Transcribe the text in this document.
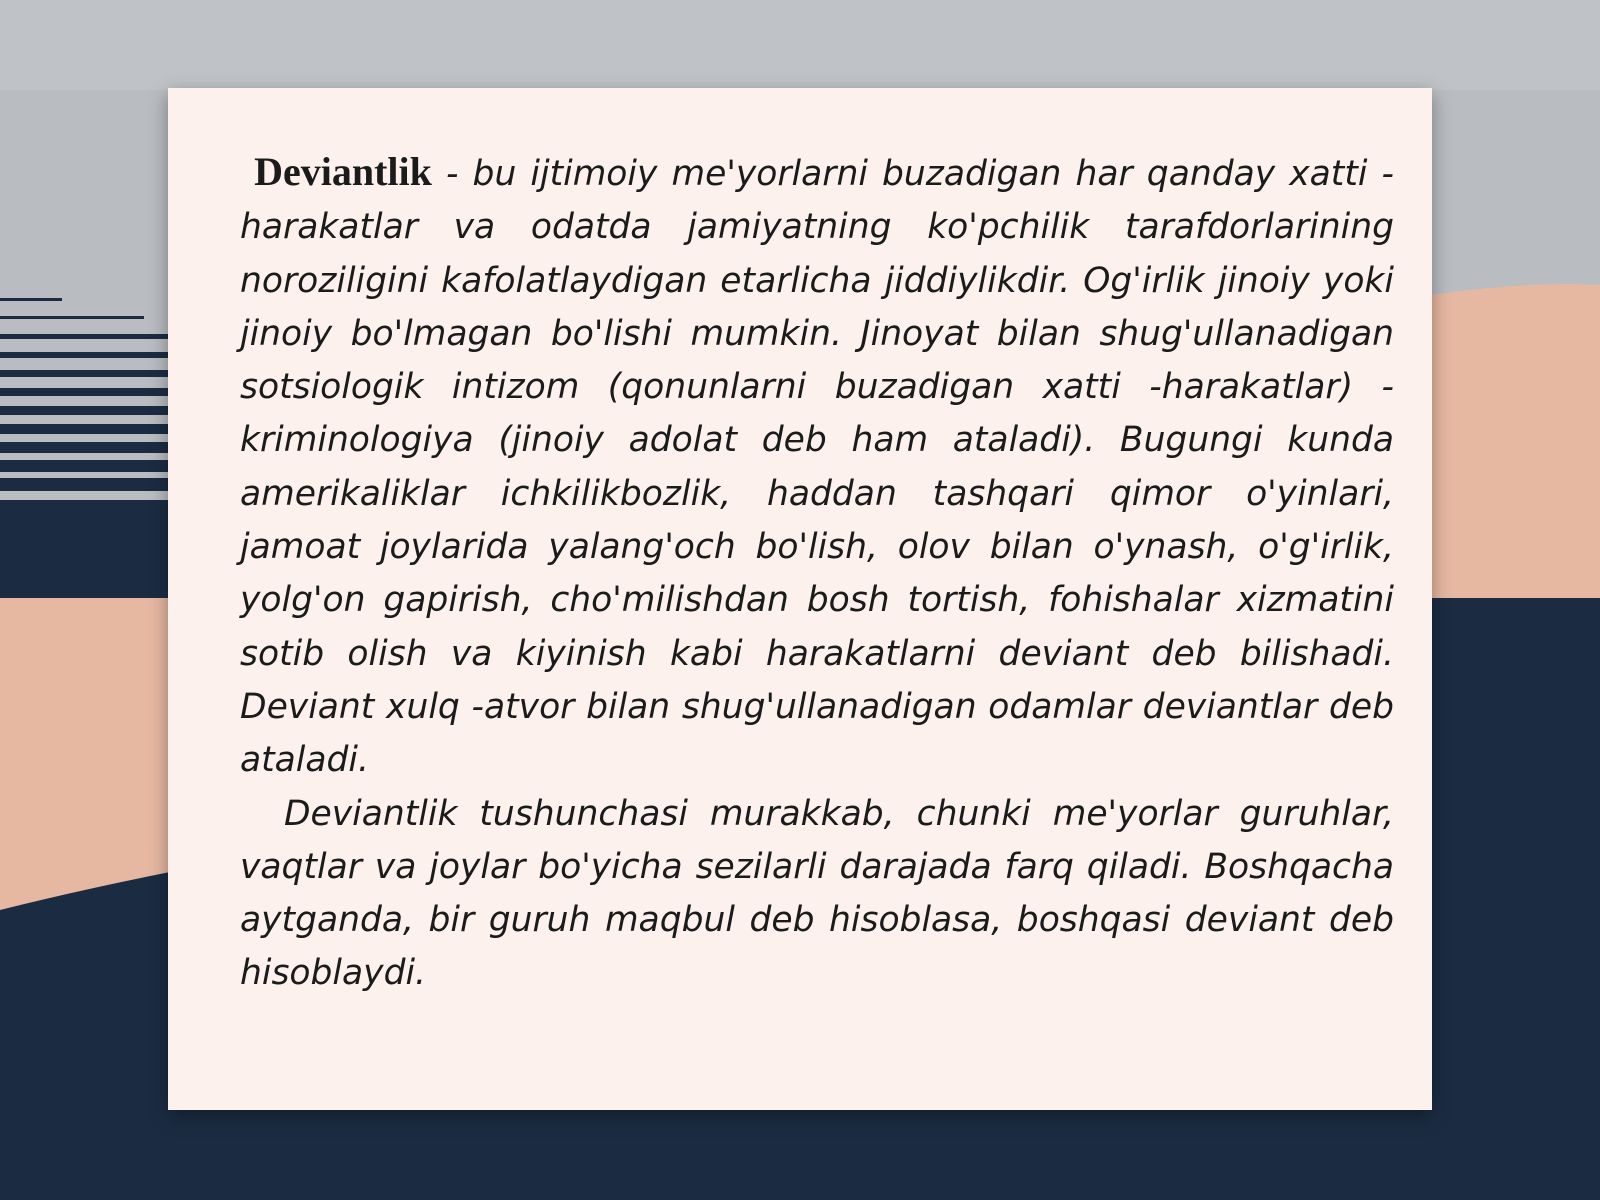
Deviantlik - bu ijtimoiy me'yorlarni buzadigan har qanday xatti -harakatlar va odatda jamiyatning ko'pchilik tarafdorlarining noroziligini kafolatlaydigan etarlicha jiddiylikdir. Og'irlik jinoiy yoki jinoiy bo'lmagan bo'lishi mumkin. Jinoyat bilan shug'ullanadigan sotsiologik intizom (qonunlarni buzadigan xatti -harakatlar) - kriminologiya (jinoiy adolat deb ham ataladi). Bugungi kunda amerikaliklar ichkilikbozlik, haddan tashqari qimor o'yinlari, jamoat joylarida yalang'och bo'lish, olov bilan o'ynash, o'g'irlik, yolg'on gapirish, cho'milishdan bosh tortish, fohishalar xizmatini sotib olish va kiyinish kabi harakatlarni deviant deb bilishadi. Deviant xulq -atvor bilan shug'ullanadigan odamlar deviantlar deb ataladi.

Deviantlik tushunchasi murakkab, chunki me'yorlar guruhlar, vaqtlar va joylar bo'yicha sezilarli darajada farq qiladi. Boshqacha aytganda, bir guruh maqbul deb hisoblasa, boshqasi deviant deb hisoblaydi.
